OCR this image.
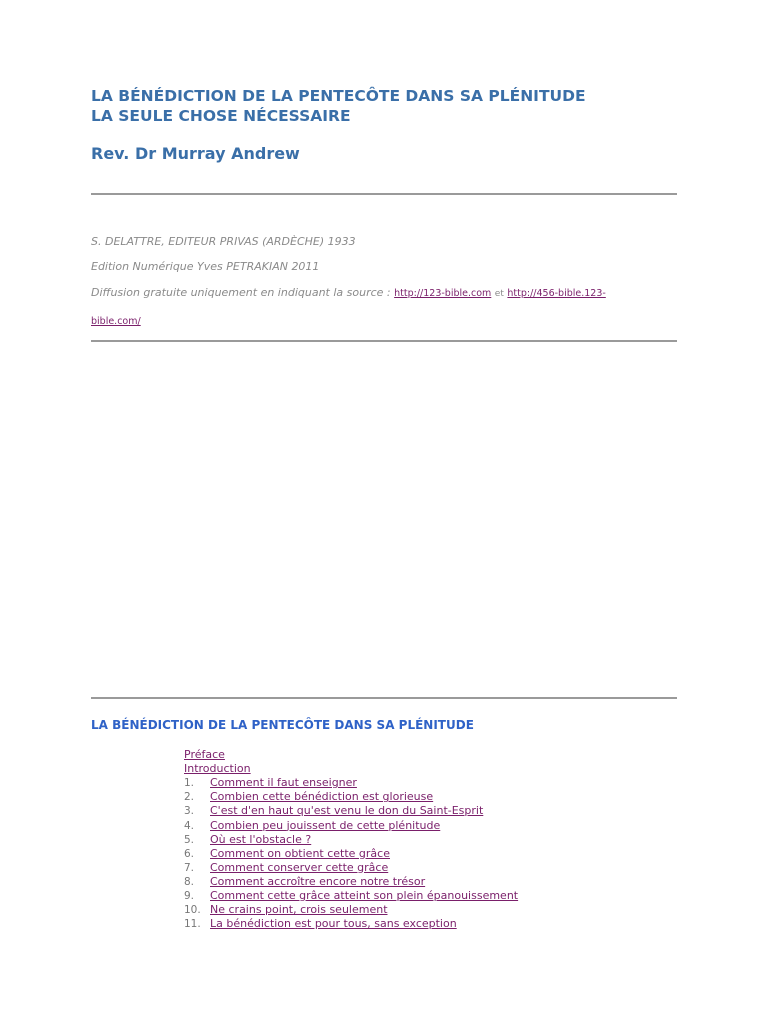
LA BÉNÉDICTION DE LA PENTECÔTE DANS SA PLÉNITUDE
LA SEULE CHOSE NÉCESSAIRE
Rev. Dr Murray Andrew
S. DELATTRE, EDITEUR PRIVAS (ARDÈCHE) 1933
Edition Numérique Yves PETRAKIAN 2011
Diffusion gratuite uniquement en indiquant la source : http://123-bible.com et http://456-bible.123-
bible.com/
LA BÉNÉDICTION DE LA PENTECÔTE DANS SA PLÉNITUDE
Préface
Introduction
1.	Comment il faut enseigner
2.	Combien cette bénédiction est glorieuse
3.	C'est d'en haut qu'est venu le don du Saint-Esprit
4.	Combien peu jouissent de cette plénitude
5.	Où est l'obstacle ?
6.	Comment on obtient cette grâce
7.	Comment conserver cette grâce
8.	Comment accroître encore notre trésor
9.	Comment cette grâce atteint son plein épanouissement
10. Ne crains point, crois seulement
11. La bénédiction est pour tous, sans exception
